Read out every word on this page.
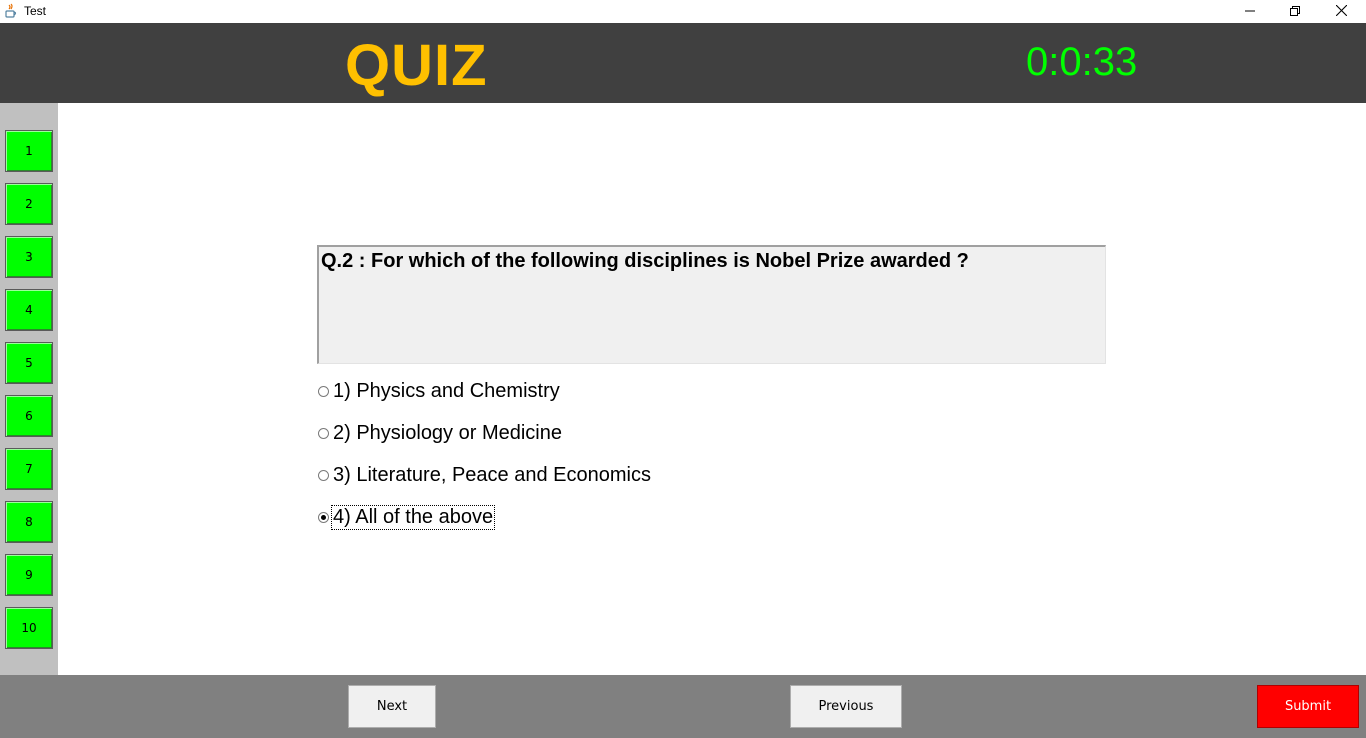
Test
QUIZ	0:0:33
1
2
3
4
5
6
7
8
9
10
Q.2 : For which of the following disciplines is Nobel Prize awarded ?
1) Physics and Chemistry
2) Physiology or Medicine
3) Literature, Peace and Economics
4) All of the above
Next	Previous	Submit
